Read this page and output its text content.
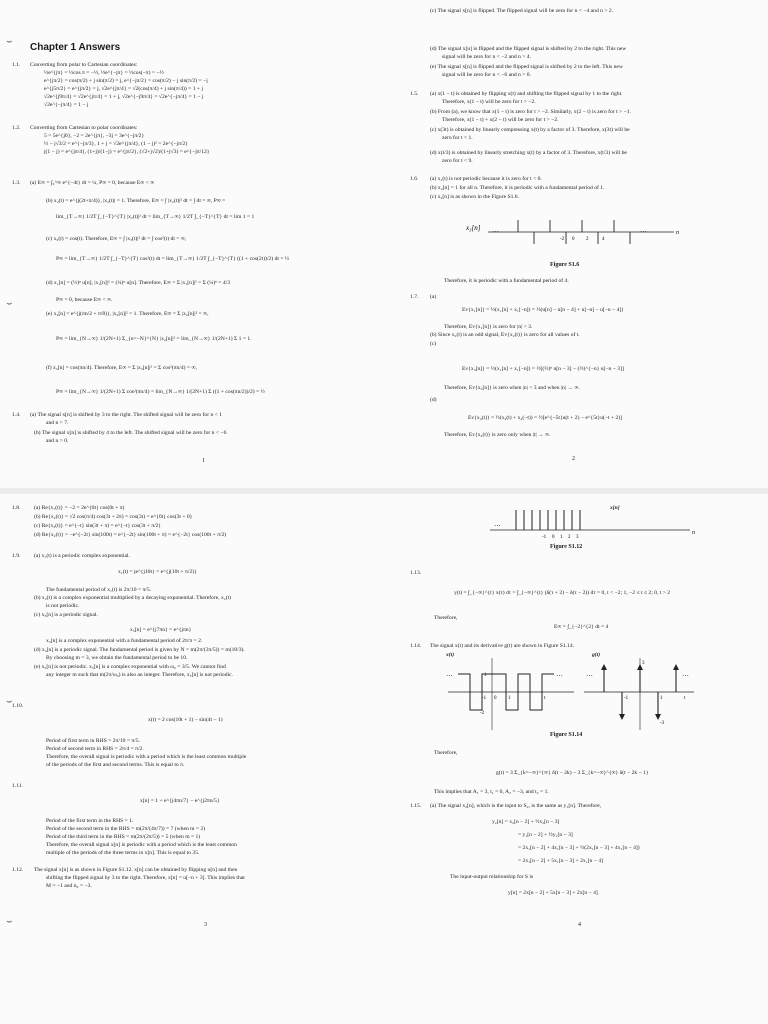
⌣
⌣
Chapter 1 Answers
1.1. Converting from polar to Cartesian coordinates:
½e^{jπ} = ½cos π = −½, ½e^{−jπ} = ½cos(−π) = −½
e^{jπ/2} = cos(π/2) + j sin(π/2) = j, e^{−jπ/2} = cos(π/2) − j sin(π/2) = −j
e^{j5π/2} = e^{jπ/2} = j, √2e^{jπ/4} = √2(cos(π/4) + j sin(π/4)) = 1 + j
√2e^{j9π/4} = √2e^{jπ/4} = 1 + j, √2e^{−j9π/4} = √2e^{−jπ/4} = 1 − j
√2e^{−jπ/4} = 1 − j
1.2. Converting from Cartesian to polar coordinates:
5 = 5e^{j0}, −2 = 2e^{jπ}, −3j = 3e^{−jπ/2}
½ − j√3/2 = e^{−jπ/3}, 1 + j = √2e^{jπ/4}, (1 − j)² = 2e^{−jπ/2}
j(1 − j) = e^{jπ/4}, (1+j)/(1−j) = e^{jπ/2}, (√2+j√2)/(1+j√3) = e^{−jπ/12}
1.3. (a) E∞ = ∫₀^∞ e^{−4t} dt = ¼, P∞ = 0, because E∞ < ∞
(b) x₂(t) = e^{j(2t+π/4)}, |x₂(t)| = 1. Therefore, E∞ = ∫ |x₂(t)|² dt = ∫ dt = ∞, P∞ =
lim_{T→∞} 1/2T ∫_{−T}^{T} |x₂(t)|² dt = lim_{T→∞} 1/2T ∫_{−T}^{T} dt = lim 1 = 1
(c) x₃(t) = cos(t). Therefore, E∞ = ∫ |x₃(t)|² dt = ∫ cos²(t) dt = ∞,
P∞ = lim_{T→∞} 1/2T ∫_{−T}^{T} cos²(t) dt = lim_{T→∞} 1/2T ∫_{−T}^{T} ((1 + cos(2t))/2) dt = ½
(d) x₁[n] = (½)ⁿ u[n], |x₁[n]|² = (¼)ⁿ u[n]. Therefore, E∞ = Σ |x₁[n]|² = Σ (¼)ⁿ = 4/3
P∞ = 0, because E∞ < ∞.
(e) x₂[n] = e^{j(πn/2 + π/8)}, |x₂[n]|² = 1. Therefore, E∞ = Σ |x₂[n]|² = ∞,
P∞ = lim_{N→∞} 1/(2N+1) Σ_{n=−N}^{N} |x₂[n]|² = lim_{N→∞} 1/(2N+1) Σ 1 = 1.
(f) x₃[n] = cos(πn/4). Therefore, E∞ = Σ |x₃[n]|² = Σ cos²(πn/4) = ∞,
P∞ = lim_{N→∞} 1/(2N+1) Σ cos²(πn/4) = lim_{N→∞} 1/(2N+1) Σ ((1 + cos(πn/2))/2) = ½
1.4. (a) The signal x[n] is shifted by 3 to the right. The shifted signal will be zero for n < 1
and n > 7.
(b) The signal x[n] is shifted by 4 to the left. The shifted signal will be zero for n < −6
and n > 0.
1
(c) The signal x[n] is flipped. The flipped signal will be zero for n < −4 and n > 2.
(d) The signal x[n] is flipped and the flipped signal is shifted by 2 to the right. This new
signal will be zero for n < −2 and n > 4.
(e) The signal x[n] is flipped and the flipped signal is shifted by 2 to the left. This new
signal will be zero for n < −6 and n > 0.
1.5. (a) x(1 − t) is obtained by flipping x(t) and shifting the flipped signal by 1 to the right.
Therefore, x(1 − t) will be zero for t > −2.
(b) From (a), we know that x(1 − t) is zero for t > −2. Similarly, x(2 − t) is zero for t > −1.
Therefore, x(1 − t) + x(2 − t) will be zero for t > −2.
(c) x(3t) is obtained by linearly compressing x(t) by a factor of 3. Therefore, x(3t) will be
zero for t < 1.
(d) x(t/3) is obtained by linearly stretching x(t) by a factor of 3. Therefore, x(t/3) will be
zero for t < 9.
1.6. (a) x₁(t) is not periodic because it is zero for t < 0.
(b) x₂[n] = 1 for all n. Therefore, it is periodic with a fundamental period of 1.
(c) x₃[n] is as shown in the Figure S1.6.
Therefore, it is periodic with a fundamental period of 4.
1.7. (a)
Ev{x₁[n]} = ½(x₁[n] + x₁[−n]) = ½(u[n] − u[n − 4] + u[−n] − u[−n − 4])
Therefore, Ev{x₁[n]} is zero for |n| > 3.
(b) Since x₂(t) is an odd signal, Ev{x₂(t)} is zero for all values of t.
(c)
Ev{x₃[n]} = ½(x₁[n] + x₁[−n]) = ½[(½)ⁿ u[n − 3] − (½)^{−n} u[−n − 3]]
Therefore, Ev{x₃[n]} is zero when |n| < 3 and when |n| → ∞.
(d)
Ev{x₄(t)} = ½(x₄(t) + x₄(−t)) = ½[e^{−5t}u(t + 2) − e^{5t}u(−t + 2)]
Therefore, Ev{x₄(t)} is zero only when |t| → ∞.
x₃[n]
n
···	···
-2 0 2	4
Figure S1.6
2
⌣
⌣
1.8. (a) Re{x₁(t)} = −2 = 2e^{0t} cos(0t + π)
(b) Re{x₂(t)} = √2 cos(π/4) cos(3t + 2π) = cos(3t) = e^{0t} cos(3t + 0)
(c) Re{x₃(t)} = e^{−t} sin(3t + π) = e^{−t} cos(3t + π/2)
(d) Re{x₄(t)} = −e^{−2t} sin(100t) = e^{−2t} sin(100t + π) = e^{−2t} cos(100t + π/2)
1.9. (a) x₁(t) is a periodic complex exponential.
x₁(t) = je^{j10t} = e^{j(10t + π/2)}
The fundamental period of x₁(t) is 2π/10 = π/5.
(b) x₂(t) is a complex exponential multiplied by a decaying exponential. Therefore, x₂(t)
is not periodic.
(c) x₃[n] is a periodic signal.
x₃[n] = e^{j7πn} = e^{jπn}
x₃[n] is a complex exponential with a fundamental period of 2π/π = 2.
(d) x₄[n] is a periodic signal. The fundamental period is given by N = m(2π/(3π/5)) = m(10/3).
By choosing m = 3, we obtain the fundamental period to be 10.
(e) x₅[n] is not periodic. x₅[n] is a complex exponential with ω₀ = 3/5. We cannot find
any integer m such that m(2π/ω₀) is also an integer. Therefore, x₅[n] is not periodic.
1.10.
x(t) = 2 cos(10t + 1) − sin(4t − 1)
Period of first term in RHS = 2π/10 = π/5.
Period of second term in RHS = 2π/4 = π/2.
Therefore, the overall signal is periodic with a period which is the least common multiple
of the periods of the first and second terms. This is equal to π.
1.11.
x[n] = 1 + e^{j4πn/7} − e^{j2πn/5}
Period of the first term in the RHS = 1.
Period of the second term in the RHS = m(2π/(4π/7)) = 7 (when m = 2)
Period of the third term in the RHS = m(2π/(2π/5)) = 5 (when m = 1)
Therefore, the overall signal x[n] is periodic with a period which is the least common
multiple of the periods of the three terms in x[n]. This is equal to 35.
1.12. The signal x[n] is as shown in Figure S1.12. x[n] can be obtained by flipping u[n] and then
shifting the flipped signal by 3 to the right. Therefore, x[n] = u[−n + 3]. This implies that
M = −1 and n₀ = −3.
3
1.13.
y(t) = ∫_{−∞}^{t} x(τ) dτ = ∫_{−∞}^{t} (δ(τ + 2) − δ(τ − 2)) dτ = 0, t < −2; 1, −2 ≤ t ≤ 2; 0, t > 2
Therefore,
E∞ = ∫_{−2}^{2} dt = 4
1.14. The signal x(t) and its derivative g(t) are shown in Figure S1.14.
Therefore,
g(t) = 3 Σ_{k=−∞}^{∞} δ(t − 2k) − 3 Σ_{k=−∞}^{∞} δ(t − 2k − 1)
This implies that A₁ = 3, t₁ = 0, A₂ = −3, and t₂ = 1.
1.15. (a) The signal x₂[n], which is the input to S₂, is the same as y₁[n]. Therefore,
y₂[n] = x₂[n − 2] + ½x₂[n − 3]
= y₁[n − 2] + ½y₁[n − 3]
= 2x₁[n − 2] + 4x₁[n − 3] + ½(2x₁[n − 3] + 4x₁[n − 4])
= 2x₁[n − 2] + 5x₁[n − 3] + 2x₁[n − 4]
The input-output relationship for S is
y[n] = 2x[n − 2] + 5x[n − 3] + 2x[n − 4]
n
···
-1 0 1 2 3
x[n]
Figure S1.12
···	···
-1 0 1	t
1
-2
···	···
3
-3
-1	1	t
x(t)	g(t)
Figure S1.14
4
